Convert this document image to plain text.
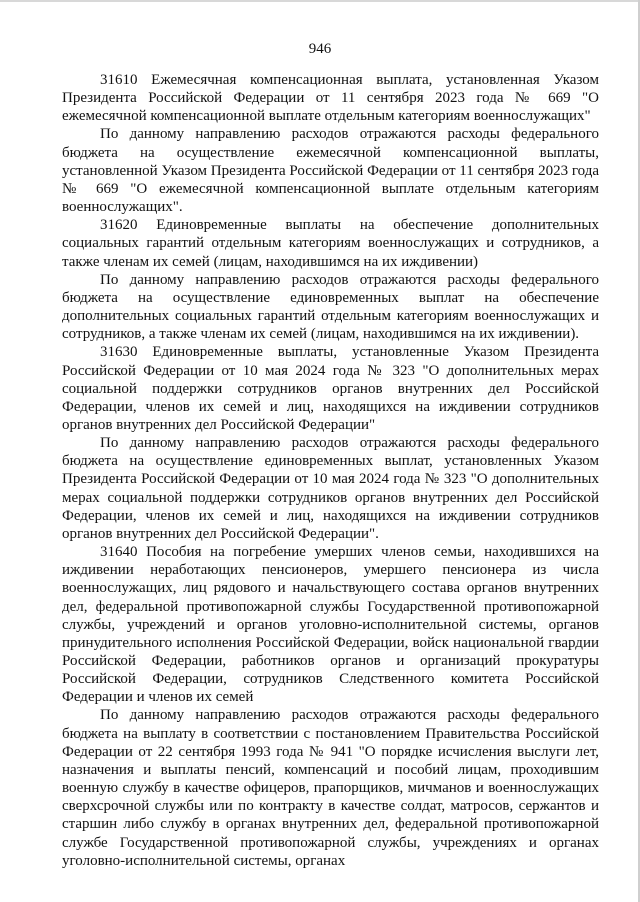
946

31610 Ежемесячная компенсационная выплата, установленная Указом Президента Российской Федерации от 11 сентября 2023 года № 669 "О ежемесячной компенсационной выплате отдельным категориям военнослужащих"

По данному направлению расходов отражаются расходы федерального бюджета на осуществление ежемесячной компенсационной выплаты, установленной Указом Президента Российской Федерации от 11 сентября 2023 года № 669 "О ежемесячной компенсационной выплате отдельным категориям военнослужащих".

31620 Единовременные выплаты на обеспечение дополнительных социальных гарантий отдельным категориям военнослужащих и сотрудников, а также членам их семей (лицам, находившимся на их иждивении)

По данному направлению расходов отражаются расходы федерального бюджета на осуществление единовременных выплат на обеспечение дополнительных социальных гарантий отдельным категориям военнослужащих и сотрудников, а также членам их семей (лицам, находившимся на их иждивении).

31630 Единовременные выплаты, установленные Указом Президента Российской Федерации от 10 мая 2024 года № 323 "О дополнительных мерах социальной поддержки сотрудников органов внутренних дел Российской Федерации, членов их семей и лиц, находящихся на иждивении сотрудников органов внутренних дел Российской Федерации"

По данному направлению расходов отражаются расходы федерального бюджета на осуществление единовременных выплат, установленных Указом Президента Российской Федерации от 10 мая 2024 года № 323 "О дополнительных мерах социальной поддержки сотрудников органов внутренних дел Российской Федерации, членов их семей и лиц, находящихся на иждивении сотрудников органов внутренних дел Российской Федерации".

31640 Пособия на погребение умерших членов семьи, находившихся на иждивении неработающих пенсионеров, умершего пенсионера из числа военнослужащих, лиц рядового и начальствующего состава органов внутренних дел, федеральной противопожарной службы Государственной противопожарной службы, учреждений и органов уголовно-исполнительной системы, органов принудительного исполнения Российской Федерации, войск национальной гвардии Российской Федерации, работников органов и организаций прокуратуры Российской Федерации, сотрудников Следственного комитета Российской Федерации и членов их семей

По данному направлению расходов отражаются расходы федерального бюджета на выплату в соответствии с постановлением Правительства Российской Федерации от 22 сентября 1993 года № 941 "О порядке исчисления выслуги лет, назначения и выплаты пенсий, компенсаций и пособий лицам, проходившим военную службу в качестве офицеров, прапорщиков, мичманов и военнослужащих сверхсрочной службы или по контракту в качестве солдат, матросов, сержантов и старшин либо службу в органах внутренних дел, федеральной противопожарной службе Государственной противопожарной службы, учреждениях и органах уголовно-исполнительной системы, органах
